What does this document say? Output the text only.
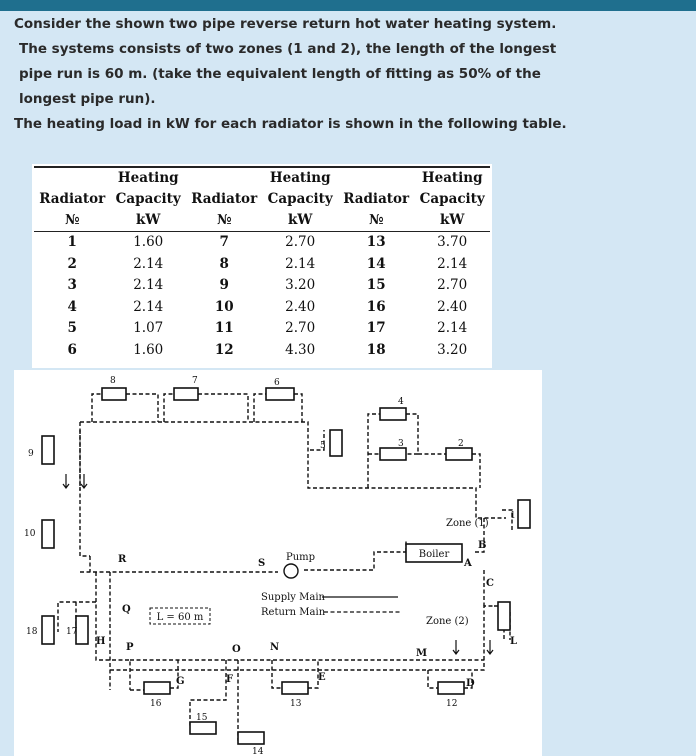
Consider the shown two pipe reverse return hot water heating system.

The systems consists of two zones (1 and 2), the length of the longest

pipe run is 60 m. (take the equivalent length of fitting as 50% of the

longest pipe run).

The heating load in kW for each radiator is shown in the following table.

	Heating		Heating		Heating
Radiator	Capacity	Radiator	Capacity	Radiator	Capacity
№	kW	№	kW	№	kW
1	1.60	7	2.70	13	3.70
2	2.14	8	2.14	14	2.14
3	2.14	9	3.20	15	2.70
4	2.14	10	2.40	16	2.40
5	1.07	11	2.70	17	2.14
6	1.60	12	4.30	18	3.20
Boiler
Pump
Supply Main
Return Main
L = 60 m
Zone (1)
Zone (2)
8	7	6
4
3	2
5
9
10
1
18	17
16
15
14
13	12
A
B
C
D
E
F
G
H	L
M
N
O
P
Q
R	S
